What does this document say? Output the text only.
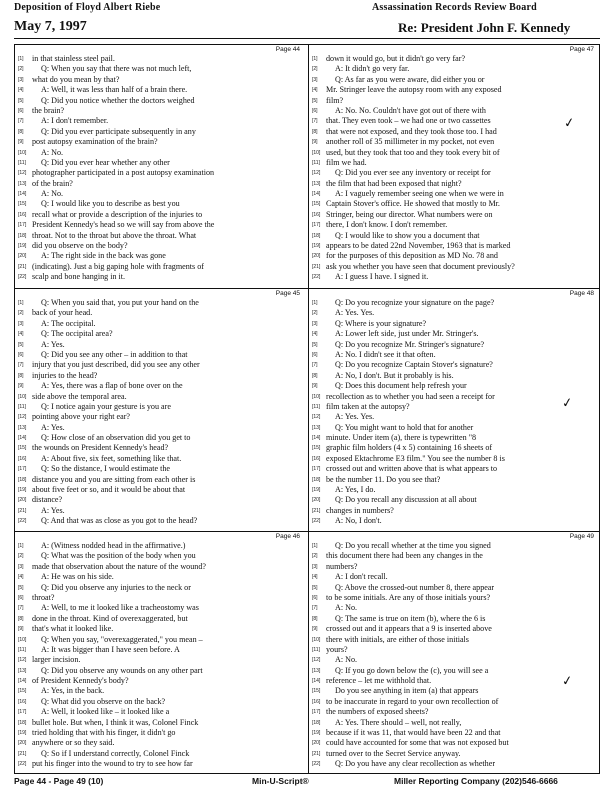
Deposition of Floyd Albert Riebe
May 7, 1997
Assassination Records Review Board
Re: President John F. Kennedy
Page 44
[1]	in that stainless steel pail.
[2]	Q: When you say that there was not much left,
[3]	what do you mean by that?
[4]	A: Well, it was less than half of a brain there.
[5]	Q: Did you notice whether the doctors weighed
[6]	the brain?
[7]	A: I don't remember.
[8]	Q: Did you ever participate subsequently in any
[9]	post autopsy examination of the brain?
[10]	A: No.
[11]	Q: Did you ever hear whether any other
[12] photographer participated in a post autopsy examination
[13] of the brain?
[14]	A: No.
[15]	Q: I would like you to describe as best you
[16] recall what or provide a description of the injuries to
[17] President Kennedy's head so we will say from above the
[18] throat. Not to the throat but above the throat. What
[19] did you observe on the body?
[20]	A: The right side in the back was gone
[21] (indicating). Just a big gaping hole with fragments of
[22] scalp and bone hanging in it.
Page 47
[1]	down it would go, but it didn't go very far?
[2]	A: It didn't go very far.
[3]	Q: As far as you were aware, did either you or
[4]	Mr. Stringer leave the autopsy room with any exposed
[5]	film?
[6]	A: No. No. Couldn't have got out of there with
[7]	that. They even took – we had one or two cassettes
[8]	that were not exposed, and they took those too. I had
[9]	another roll of 35 millimeter in my pocket, not even
[10] used, but they took that too and they took every bit of
[11] film we had.
[12]	Q: Did you ever see any inventory or receipt for
[13] the film that had been exposed that night?
[14]	A: I vaguely remember seeing one when we were in
[15] Captain Stover's office. He showed that mostly to Mr.
[16] Stringer, being our director. What numbers were on
[17] there, I don't know. I don't remember.
[18]	Q: I would like to show you a document that
[19] appears to be dated 22nd November, 1963 that is marked
[20] for the purposes of this deposition as MD No. 78 and
[21] ask you whether you have seen that document previously?
[22]	A: I guess I have. I signed it.
Page 45
[1]	Q: When you said that, you put your hand on the
[2]	back of your head.
[3]	A: The occipital.
[4]	Q: The occipital area?
[5]	A: Yes.
[6]	Q: Did you see any other – in addition to that
[7]	injury that you just described, did you see any other
[8]	injuries to the head?
[9]	A: Yes, there was a flap of bone over on the
[10] side above the temporal area.
[11]	Q: I notice again your gesture is you are
[12] pointing above your right ear?
[13]	A: Yes.
[14]	Q: How close of an observation did you get to
[15] the wounds on President Kennedy's head?
[16]	A: About five, six feet, something like that.
[17]	Q: So the distance, I would estimate the
[18] distance you and you are sitting from each other is
[19] about five feet or so, and it would be about that
[20] distance?
[21]	A: Yes.
[22]	Q: And that was as close as you got to the head?
Page 48
[1]	Q: Do you recognize your signature on the page?
[2]	A: Yes. Yes.
[3]	Q: Where is your signature?
[4]	A: Lower left side, just under Mr. Stringer's.
[5]	Q: Do you recognize Mr. Stringer's signature?
[6]	A: No. I didn't see it that often.
[7]	Q: Do you recognize Captain Stover's signature?
[8]	A: No, I don't. But it probably is his.
[9]	Q: Does this document help refresh your
[10] recollection as to whether you had seen a receipt for
[11] film taken at the autopsy?
[12]	A: Yes. Yes.
[13]	Q: You might want to hold that for another
[14] minute. Under item (a), there is typewritten "8
[15] graphic film holders (4 x 5) containing 16 sheets of
[16] exposed Ektachrome E3 film." You see the number 8 is
[17] crossed out and written above that is what appears to
[18] be the number 11. Do you see that?
[19]	A: Yes, I do.
[20]	Q: Do you recall any discussion at all about
[21] changes in numbers?
[22]	A: No, I don't.
Page 46
[1]	A: (Witness nodded head in the affirmative.)
[2]	Q: What was the position of the body when you
[3]	made that observation about the nature of the wound?
[4]	A: He was on his side.
[5]	Q: Did you observe any injuries to the neck or
[6]	throat?
[7]	A: Well, to me it looked like a tracheostomy was
[8]	done in the throat. Kind of overexaggerated, but
[9]	that's what it looked like.
[10]	Q: When you say, "overexaggerated," you mean –
[11]	A: It was bigger than I have seen before. A
[12] larger incision.
[13]	Q: Did you observe any wounds on any other part
[14] of President Kennedy's body?
[15]	A: Yes, in the back.
[16]	Q: What did you observe on the back?
[17]	A: Well, it looked like – it looked like a
[18] bullet hole. But when, I think it was, Colonel Finck
[19] tried holding that with his finger, it didn't go
[20] anywhere or so they said.
[21]	Q: So if I understand correctly, Colonel Finck
[22] put his finger into the wound to try to see how far
Page 49
[1]	Q: Do you recall whether at the time you signed
[2]	this document there had been any changes in the
[3]	numbers?
[4]	A: I don't recall.
[5]	Q: Above the crossed-out number 8, there appear
[6]	to be some initials. Are any of those initials yours?
[7]	A: No.
[8]	Q: The same is true on item (b), where the 6 is
[9]	crossed out and it appears that a 9 is inserted above
[10] there with initials, are either of those initials
[11] yours?
[12]	A: No.
[13]	Q: If you go down below the (c), you will see a
[14] reference – let me withhold that.
[15]	Do you see anything in item (a) that appears
[16] to be inaccurate in regard to your own recollection of
[17] the numbers of exposed sheets?
[18]	A: Yes. There should – well, not really,
[19] because if it was 11, that would have been 22 and that
[20] could have accounted for some that was not exposed but
[21] turned over to the Secret Service anyway.
[22]	Q: Do you have any clear recollection as whether
✓
✓
✓
Page 44 - Page 49 (10)	Min-U-Script®	Miller Reporting Company (202)546-6666
